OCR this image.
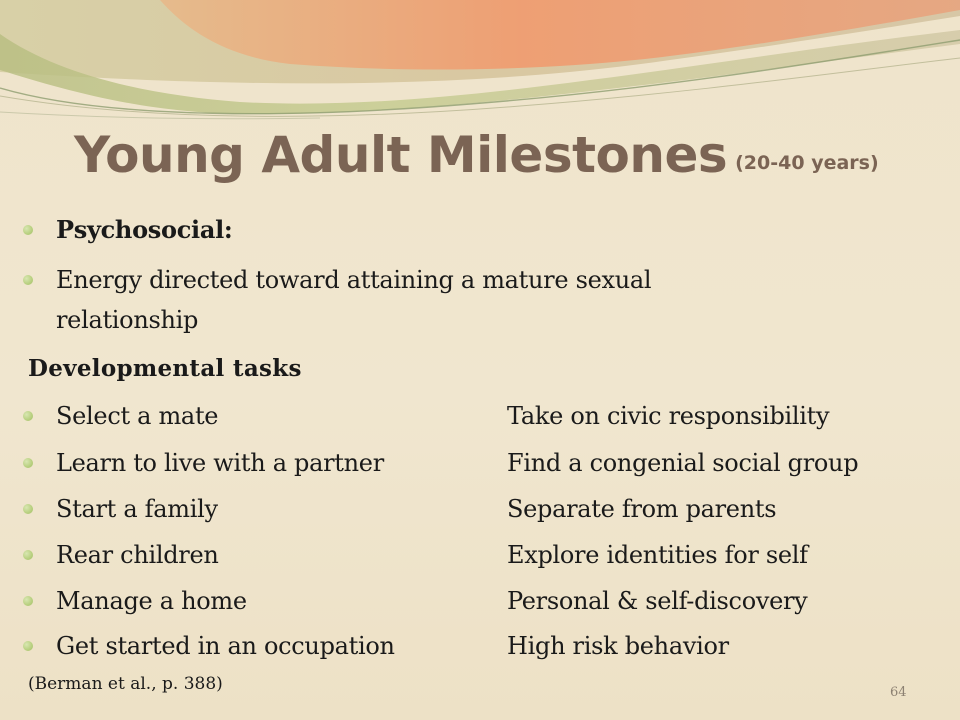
Young Adult Milestones (20-40 years)
Psychosocial:
Energy directed toward attaining a mature sexual
relationship
Developmental tasks
Select a mate	Take on civic responsibility
Learn to live with a partner	Find a congenial social group
Start a family	Separate from parents
Rear children	Explore identities for self
Manage a home	Personal & self-discovery
Get started in an occupation	High risk behavior
(Berman et al., p. 388)	64
